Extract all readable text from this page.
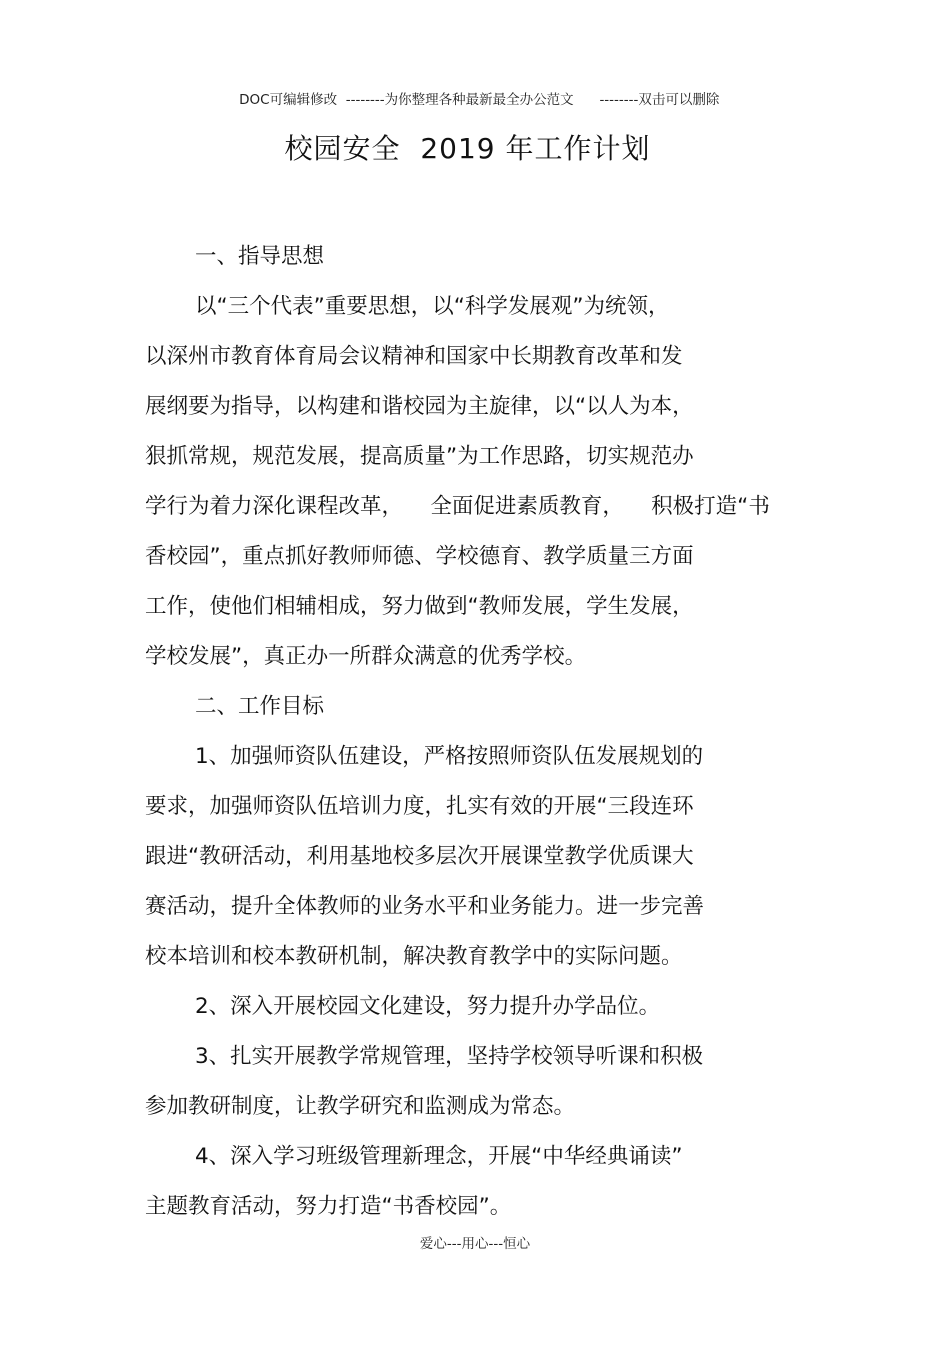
DOC可编辑修改 --------为你整理各种最新最全办公范文 --------双击可以删除

校园安全  2019 年工作计划
一、指导思想
以“三个代表”重要思想，以“科学发展观”为统领，
以深州市教育体育局会议精神和国家中长期教育改革和发
展纲要为指导，以构建和谐校园为主旋律，以“以人为本，
狠抓常规，规范发展，提高质量”为工作思路，切实规范办
学行为着力深化课程改革，    全面促进素质教育，    积极打造“书
香校园”，重点抓好教师师德、学校德育、教学质量三方面
工作，使他们相辅相成，努力做到“教师发展，学生发展，
学校发展”，真正办一所群众满意的优秀学校。
二、工作目标
1、加强师资队伍建设，严格按照师资队伍发展规划的
要求，加强师资队伍培训力度，扎实有效的开展“三段连环
跟进“教研活动，利用基地校多层次开展课堂教学优质课大
赛活动，提升全体教师的业务水平和业务能力。进一步完善
校本培训和校本教研机制，解决教育教学中的实际问题。
2、深入开展校园文化建设，努力提升办学品位。
3、扎实开展教学常规管理，坚持学校领导听课和积极
参加教研制度，让教学研究和监测成为常态。
4、深入学习班级管理新理念，开展“中华经典诵读”
主题教育活动，努力打造“书香校园”。
爱心---用心---恒心
